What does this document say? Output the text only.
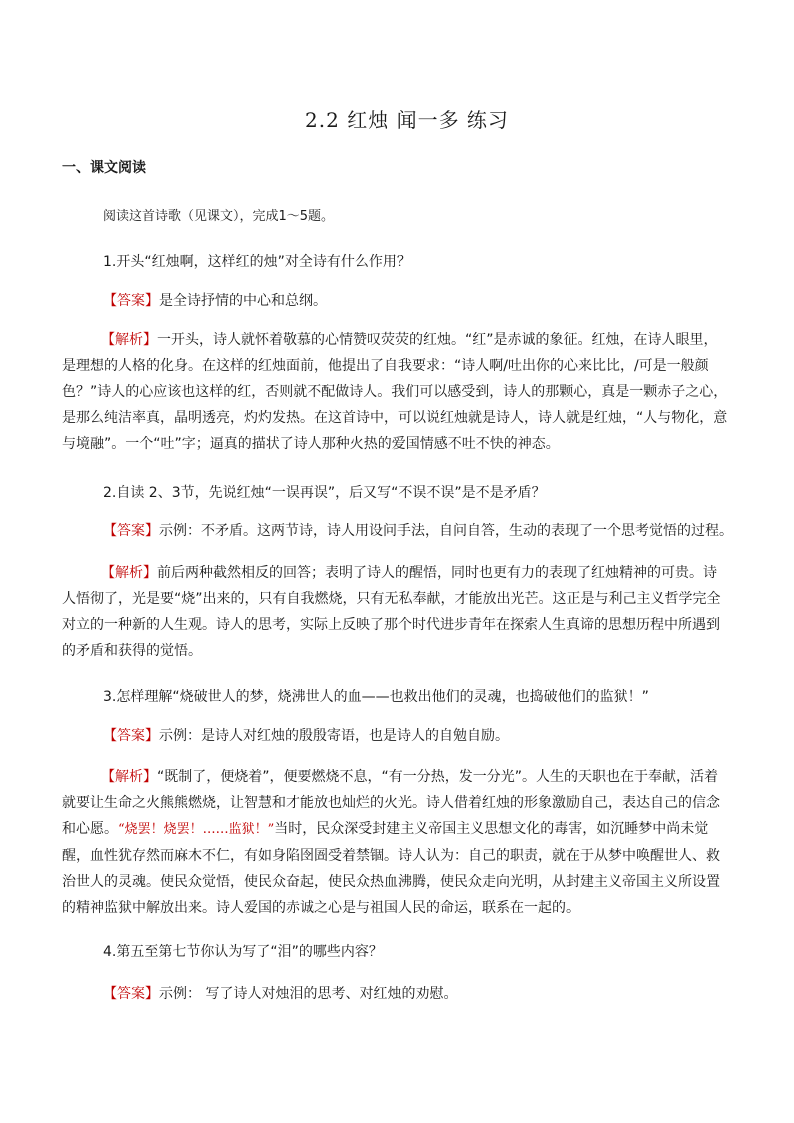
2.2 红烛 闻一多 练习
一、课文阅读
阅读这首诗歌（见课文），完成1～5题。
1.开头“红烛啊，这样红的烛”对全诗有什么作用？
【答案】是全诗抒情的中心和总纲。
【解析】一开头，诗人就怀着敬慕的心情赞叹荧荧的红烛。“红”是赤诚的象征。红烛，在诗人眼里，
是理想的人格的化身。在这样的红烛面前，他提出了自我要求：“诗人啊/吐出你的心来比比，/可是一般颜色？”诗人的心应该也这样的红，否则就不配做诗人。我们可以感受到，诗人的那颗心，真是一颗赤子之心，是那么纯洁率真，晶明透亮，灼灼发热。在这首诗中，可以说红烛就是诗人，诗人就是红烛，“人与物化，意与境融”。一个“吐”字；逼真的描状了诗人那种火热的爱国情感不吐不快的神态。
2.自读 2、3节，先说红烛“一误再误”，后又写“不误不误”是不是矛盾？
【答案】示例：不矛盾。这两节诗，诗人用设问手法，自问自答，生动的表现了一个思考觉悟的过程。
【解析】前后两种截然相反的回答；表明了诗人的醒悟，同时也更有力的表现了红烛精神的可贵。诗
人悟彻了，光是要“烧”出来的，只有自我燃烧，只有无私奉献，才能放出光芒。这正是与利己主义哲学完全对立的一种新的人生观。诗人的思考，实际上反映了那个时代进步青年在探索人生真谛的思想历程中所遇到的矛盾和获得的觉悟。
3.怎样理解“烧破世人的梦，烧沸世人的血——也救出他们的灵魂，也捣破他们的监狱！”
【答案】示例：是诗人对红烛的殷殷寄语，也是诗人的自勉自励。
【解析】“既制了，便烧着”，便要燃烧不息，“有一分热，发一分光”。人生的天职也在于奉献，活着
就要让生命之火熊熊燃烧，让智慧和才能放也灿烂的火光。诗人借着红烛的形象激励自己，表达自己的信念和心愿。“烧罢！烧罢！……监狱！”当时，民众深受封建主义帝国主义思想文化的毒害，如沉睡梦中尚未觉醒，血性犹存然而麻木不仁，有如身陷囹圄受着禁锢。诗人认为：自己的职责，就在于从梦中唤醒世人、救治世人的灵魂。使民众觉悟，使民众奋起，使民众热血沸腾，使民众走向光明，从封建主义帝国主义所设置的精神监狱中解放出来。诗人爱国的赤诚之心是与祖国人民的命运，联系在一起的。
4.第五至第七节你认为写了“泪”的哪些内容？
【答案】示例： 写了诗人对烛泪的思考、对红烛的劝慰。
